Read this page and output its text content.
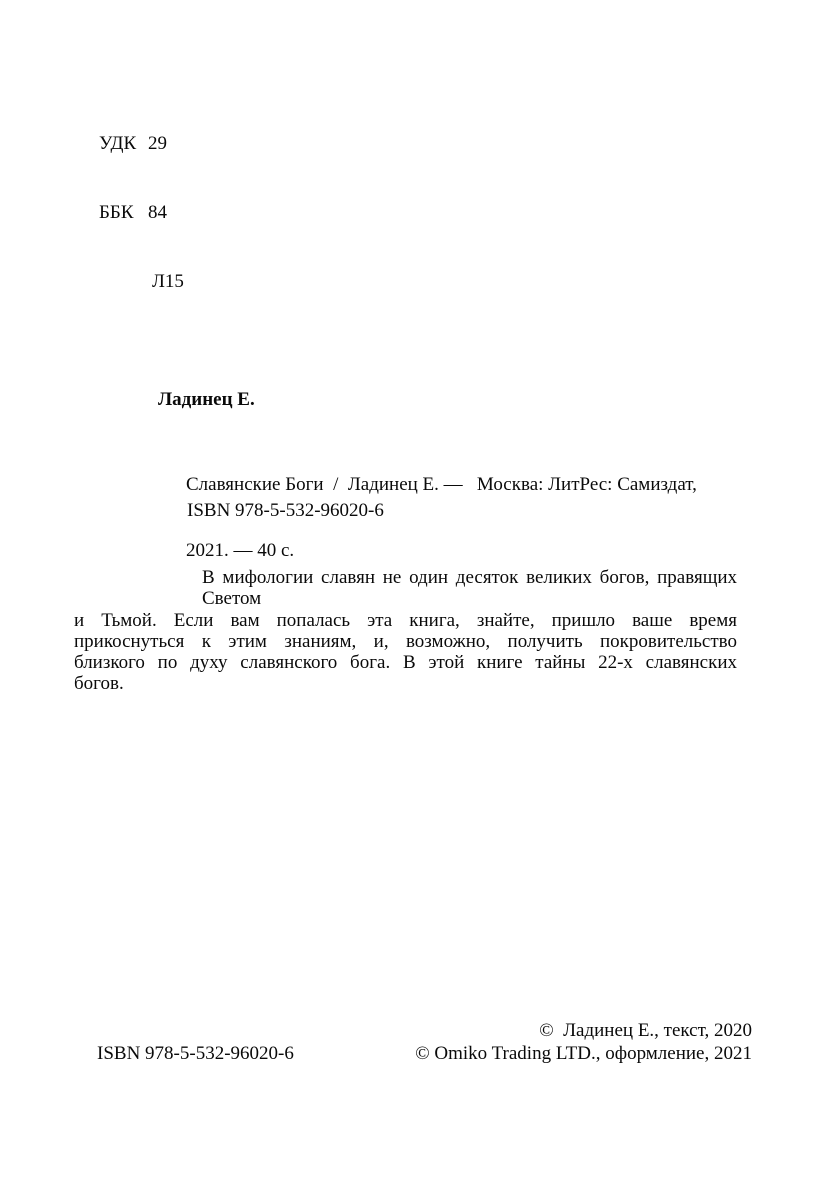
УДК 29

ББК 84

Л15

Ладинец Е.

Славянские Боги  /  Ладинец Е. —   Москва: ЛитРес: Самиздат,

2021. — 40 с.

ISBN 978-5-532-96020-6
В мифологии славян не один десяток великих богов, правящих Светом
и Тьмой. Если вам попалась эта книга, знайте, пришло ваше время
прикоснуться к этим знаниям, и, возможно, получить покровительство
близкого по духу славянского бога. В этой книге тайны 22-х славянских
богов.
©  Ладинец Е., текст, 2020
ISBN 978-5-532-96020-6	© Omiko Trading LTD., оформление, 2021
